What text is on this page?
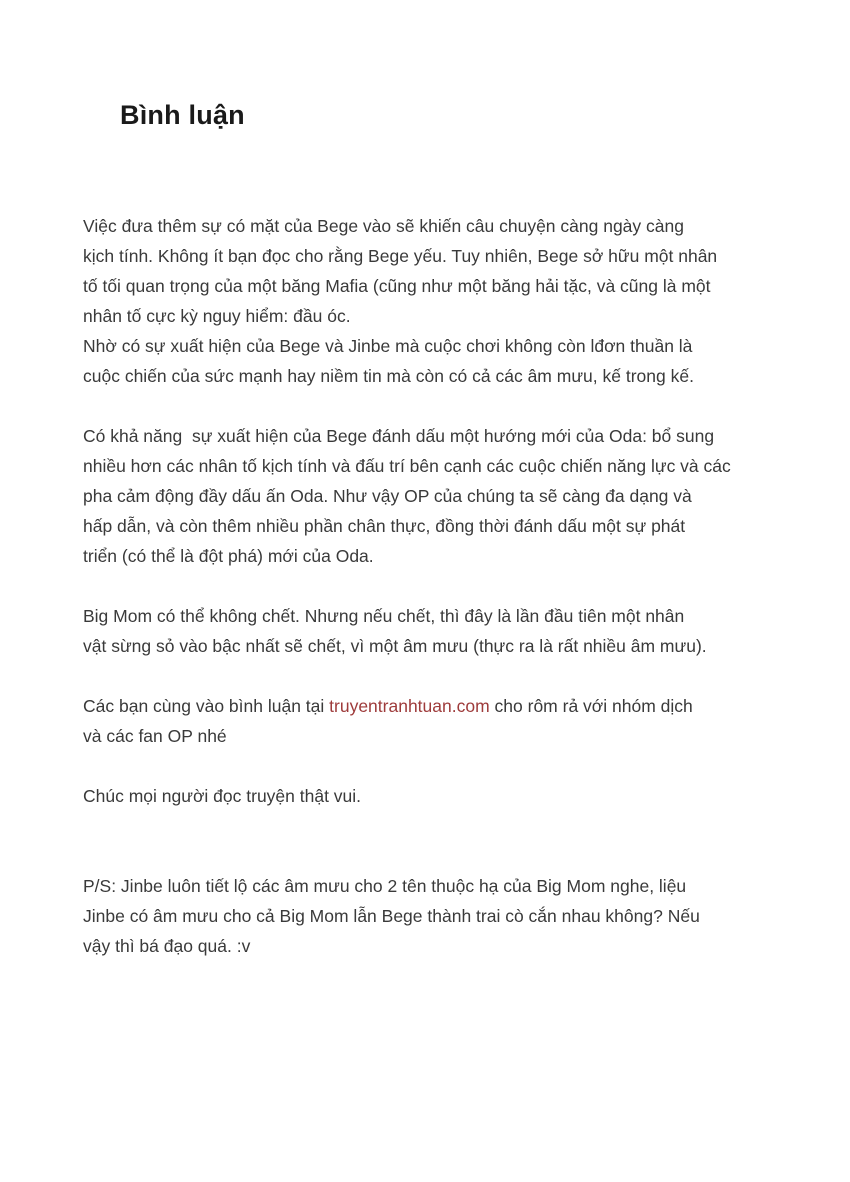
Bình luận
Việc đưa thêm sự có mặt của Bege vào sẽ khiến câu chuyện càng ngày càng
kịch tính. Không ít bạn đọc cho rằng Bege yếu. Tuy nhiên, Bege sở hữu một nhân
tố tối quan trọng của một băng Mafia (cũng như một băng hải tặc, và cũng là một
nhân tố cực kỳ nguy hiểm: đầu óc.
Nhờ có sự xuất hiện của Bege và Jinbe mà cuộc chơi không còn lđơn thuần là
cuộc chiến của sức mạnh hay niềm tin mà còn có cả các âm mưu, kế trong kế.
Có khả năng  sự xuất hiện của Bege đánh dấu một hướng mới của Oda: bổ sung
nhiều hơn các nhân tố kịch tính và đấu trí bên cạnh các cuộc chiến năng lực và các
pha cảm động đầy dấu ấn Oda. Như vậy OP của chúng ta sẽ càng đa dạng và
hấp dẫn, và còn thêm nhiều phần chân thực, đồng thời đánh dấu một sự phát
triển (có thể là đột phá) mới của Oda.
Big Mom có thể không chết. Nhưng nếu chết, thì đây là lần đầu tiên một nhân
vật sừng sỏ vào bậc nhất sẽ chết, vì một âm mưu (thực ra là rất nhiều âm mưu).
Các bạn cùng vào bình luận tại truyentranhtuan.com cho rôm rả với nhóm dịch
và các fan OP nhé
Chúc mọi người đọc truyện thật vui.
P/S: Jinbe luôn tiết lộ các âm mưu cho 2 tên thuộc hạ của Big Mom nghe, liệu
Jinbe có âm mưu cho cả Big Mom lẫn Bege thành trai cò cắn nhau không? Nếu
vậy thì bá đạo quá. :v
